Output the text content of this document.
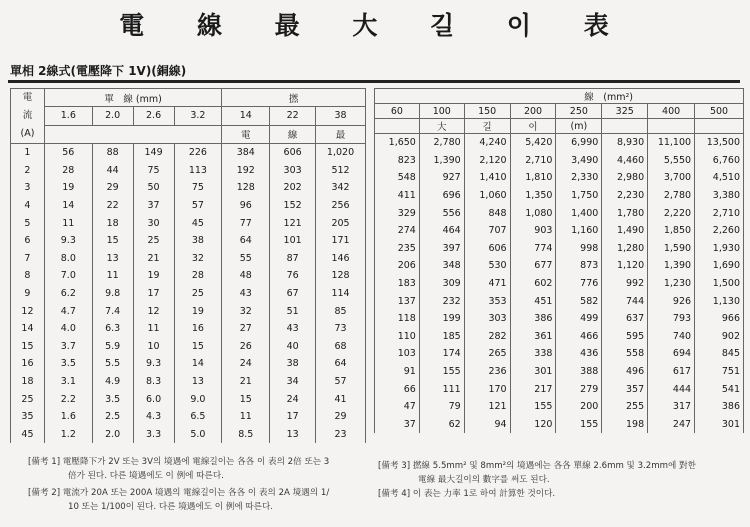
電 線 最 大 길 이 表
單相 2線式(電壓降下 1V)(銅線)
電
流
(A)	單　線 (mm)				撚		
	1.6	2.0	2.6	3.2	14	22	38
					電	線	最
1	56	88	149	226	384	606	1,020
2	28	44	75	113	192	303	512
3	19	29	50	75	128	202	342
4	14	22	37	57	96	152	256
5	11	18	30	45	77	121	205
6	9.3	15	25	38	64	101	171
7	8.0	13	21	32	55	87	146
8	7.0	11	19	28	48	76	128
9	6.2	9.8	17	25	43	67	114
12	4.7	7.4	12	19	32	51	85
14	4.0	6.3	11	16	27	43	73
15	3.7	5.9	10	15	26	40	68
16	3.5	5.5	9.3	14	24	38	64
18	3.1	4.9	8.3	13	21	34	57
25	2.2	3.5	6.0	9.0	15	24	41
35	1.6	2.5	4.3	6.5	11	17	29
45	1.2	2.0	3.3	5.0	8.5	13	23
線　(mm²)							
60	100	150	200	250	325	400	500
	大	길	이	(m)			
1,650	2,780	4,240	5,420	6,990	8,930	11,100	13,500
823	1,390	2,120	2,710	3,490	4,460	5,550	6,760
548	927	1,410	1,810	2,330	2,980	3,700	4,510
411	696	1,060	1,350	1,750	2,230	2,780	3,380
329	556	848	1,080	1,400	1,780	2,220	2,710
274	464	707	903	1,160	1,490	1,850	2,260
235	397	606	774	998	1,280	1,590	1,930
206	348	530	677	873	1,120	1,390	1,690
183	309	471	602	776	992	1,230	1,500
137	232	353	451	582	744	926	1,130
118	199	303	386	499	637	793	966
110	185	282	361	466	595	740	902
103	174	265	338	436	558	694	845
91	155	236	301	388	496	617	751
66	111	170	217	279	357	444	541
47	79	121	155	200	255	317	386
37	62	94	120	155	198	247	301
[備考 1] 電壓降下가 2V 또는 3V의 境遇에 電線길이는 各各 이 表의 2倍 또는 3
倍가 된다. 다른 境遇에도 이 例에 따른다.
[備考 2] 電流가 20A 또는 200A 境遇의 電線길이는 各各 이 表의 2A 境遇의 1/
10 또는 1/100이 된다. 다른 境遇에도 이 例에 따른다.
[備考 3] 撚線 5.5mm² 및 8mm²의 境遇에는 各各 單線 2.6mm 및 3.2mm에 對한
電線 最大길이의 數字를 써도 된다.
[備考 4] 이 表는 力率 1로 하여 計算한 것이다.
